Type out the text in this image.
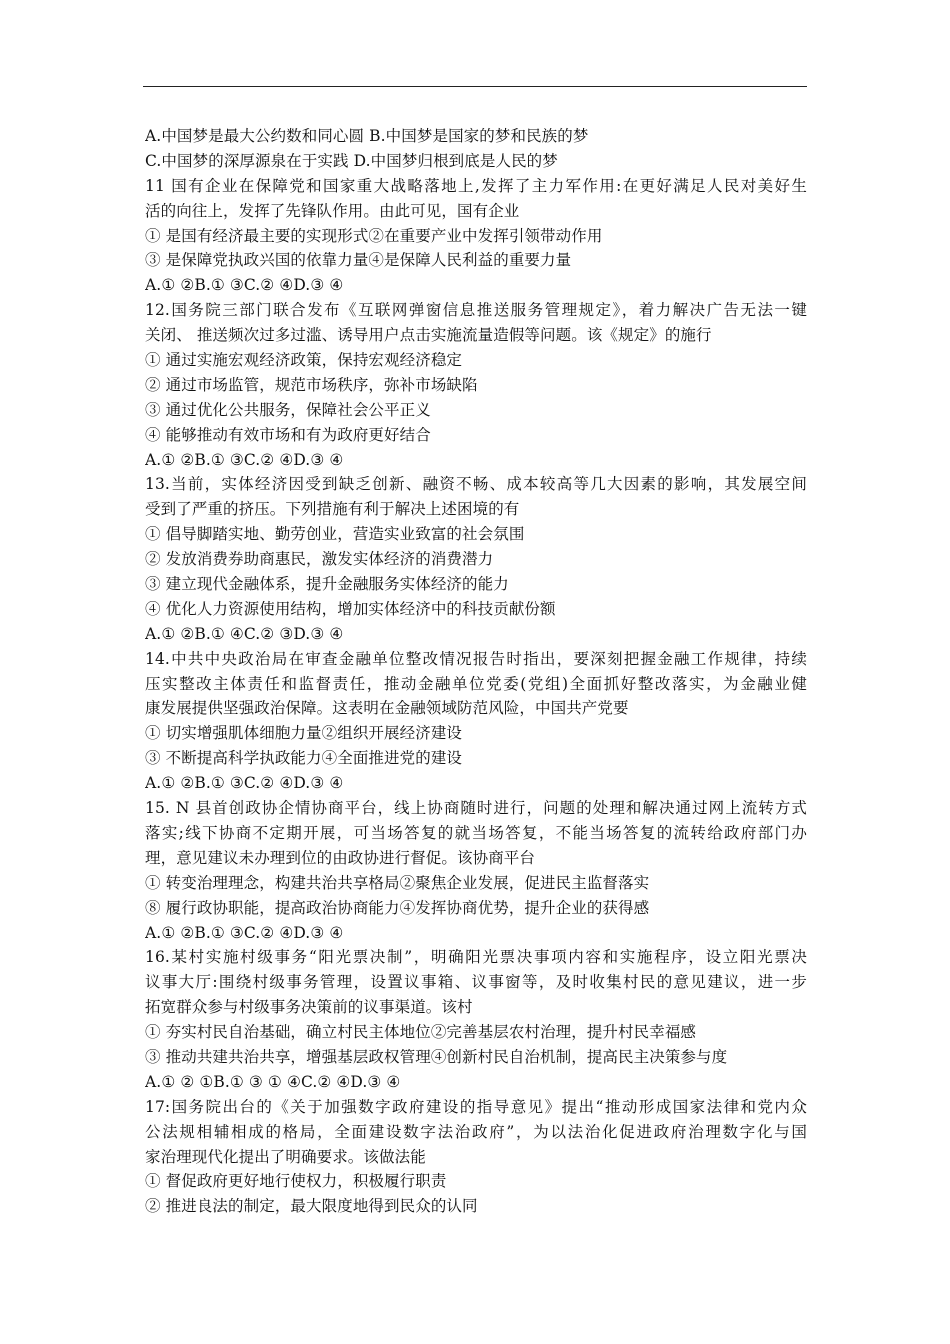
A.中国梦是最大公约数和同心圆 B.中国梦是国家的梦和民族的梦
C.中国梦的深厚源泉在于实践 D.中国梦归根到底是人民的梦
11 国有企业在保障党和国家重大战略落地上,发挥了主力军作用:在更好满足人民对美好生
活的向往上，发挥了先锋队作用。由此可见，国有企业
① 是国有经济最主要的实现形式②在重要产业中发挥引领带动作用
③ 是保障党执政兴国的依靠力量④是保障人民利益的重要力量
A.① ②B.① ③C.② ④D.③ ④
12.国务院三部门联合发布《互联网弹窗信息推送服务管理规定》，着力解决广告无法一键
关闭、 推送频次过多过滥、诱导用户点击实施流量造假等问题。该《规定》的施行
① 通过实施宏观经济政策，保持宏观经济稳定
② 通过市场监管，规范市场秩序，弥补市场缺陷
③ 通过优化公共服务，保障社会公平正义
④ 能够推动有效市场和有为政府更好结合
A.① ②B.① ③C.② ④D.③ ④
13.当前，实体经济因受到缺乏创新、融资不畅、成本较高等几大因素的影响，其发展空间
受到了严重的挤压。下列措施有利于解决上述困境的有
① 倡导脚踏实地、勤劳创业，营造实业致富的社会氛围
② 发放消费券助商惠民，激发实体经济的消费潜力
③ 建立现代金融体系，提升金融服务实体经济的能力
④ 优化人力资源使用结构，增加实体经济中的科技贡献份额
A.① ②B.① ④C.② ③D.③ ④
14.中共中央政治局在审查金融单位整改情况报告时指出，要深刻把握金融工作规律，持续
压实整改主体责任和监督责任，推动金融单位党委(党组)全面抓好整改落实，为金融业健
康发展提供坚强政治保障。这表明在金融领域防范风险，中国共产党要
① 切实增强肌体细胞力量②组织开展经济建设
③ 不断提高科学执政能力④全面推进党的建设
A.① ②B.① ③C.② ④D.③ ④
15. N 县首创政协企情协商平台，线上协商随时进行，问题的处理和解决通过网上流转方式
落实;线下协商不定期开展，可当场答复的就当场答复，不能当场答复的流转给政府部门办
理，意见建议未办理到位的由政协进行督促。该协商平台
① 转变治理理念，构建共治共享格局②聚焦企业发展，促进民主监督落实
⑧ 履行政协职能，提高政治协商能力④发挥协商优势，提升企业的获得感
A.① ②B.① ③C.② ④D.③ ④
16.某村实施村级事务“阳光票决制”，明确阳光票决事项内容和实施程序，设立阳光票决
议事大厅:围绕村级事务管理，设置议事箱、议事窗等，及时收集村民的意见建议，进一步
拓宽群众参与村级事务决策前的议事渠道。该村
① 夯实村民自治基础，确立村民主体地位②完善基层农村治理，提升村民幸福感
③ 推动共建共治共享，增强基层政权管理④创新村民自治机制，提高民主决策参与度
A.① ② ①B.① ③ ① ④C.② ④D.③ ④
17:国务院出台的《关于加强数字政府建设的指导意见》提出“推动形成国家法律和党内众
公法规相辅相成的格局，全面建设数字法治政府”，为以法治化促进政府治理数字化与国
家治理现代化提出了明确要求。该做法能
① 督促政府更好地行使权力，积极履行职责
② 推进良法的制定，最大限度地得到民众的认同
